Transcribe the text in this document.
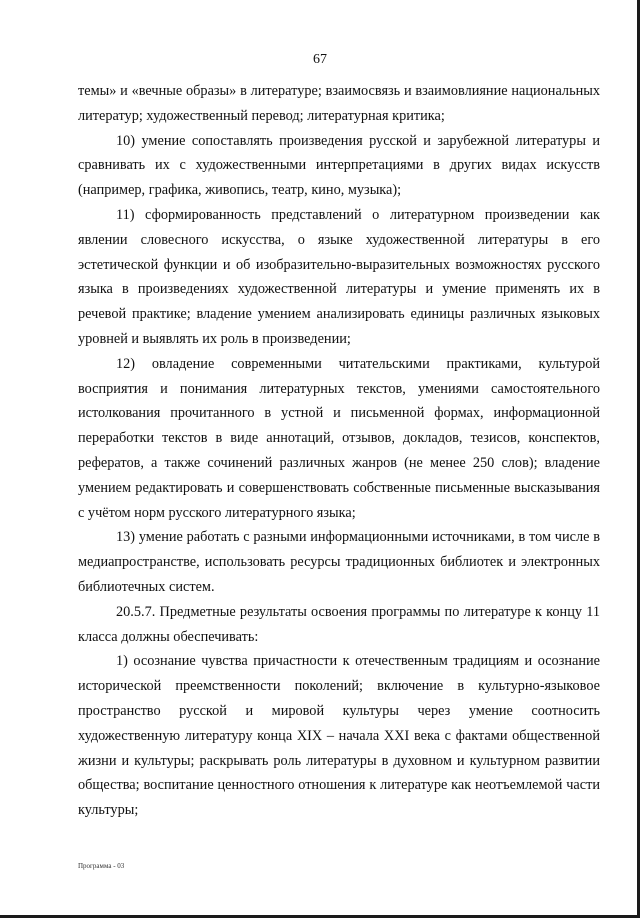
67

темы» и «вечные образы» в литературе; взаимосвязь и взаимовлияние национальных литератур; художественный перевод; литературная критика;

10) умение сопоставлять произведения русской и зарубежной литературы и сравнивать их с художественными интерпретациями в других видах искусств (например, графика, живопись, театр, кино, музыка);

11) сформированность представлений о литературном произведении как явлении словесного искусства, о языке художественной литературы в его эстетической функции и об изобразительно-выразительных возможностях русского языка в произведениях художественной литературы и умение применять их в речевой практике; владение умением анализировать единицы различных языковых уровней и выявлять их роль в произведении;

12) овладение современными читательскими практиками, культурой восприятия и понимания литературных текстов, умениями самостоятельного истолкования прочитанного в устной и письменной формах, информационной переработки текстов в виде аннотаций, отзывов, докладов, тезисов, конспектов, рефератов, а также сочинений различных жанров (не менее 250 слов); владение умением редактировать и совершенствовать собственные письменные высказывания с учётом норм русского литературного языка;

13) умение работать с разными информационными источниками, в том числе в медиапространстве, использовать ресурсы традиционных библиотек и электронных библиотечных систем.

20.5.7. Предметные результаты освоения программы по литературе к концу 11 класса должны обеспечивать:

1) осознание чувства причастности к отечественным традициям и осознание исторической преемственности поколений; включение в культурно-языковое пространство русской и мировой культуры через умение соотносить художественную литературу конца XIX – начала XXI века с фактами общественной жизни и культуры; раскрывать роль литературы в духовном и культурном развитии общества; воспитание ценностного отношения к литературе как неотъемлемой части культуры;

Программа - 03
